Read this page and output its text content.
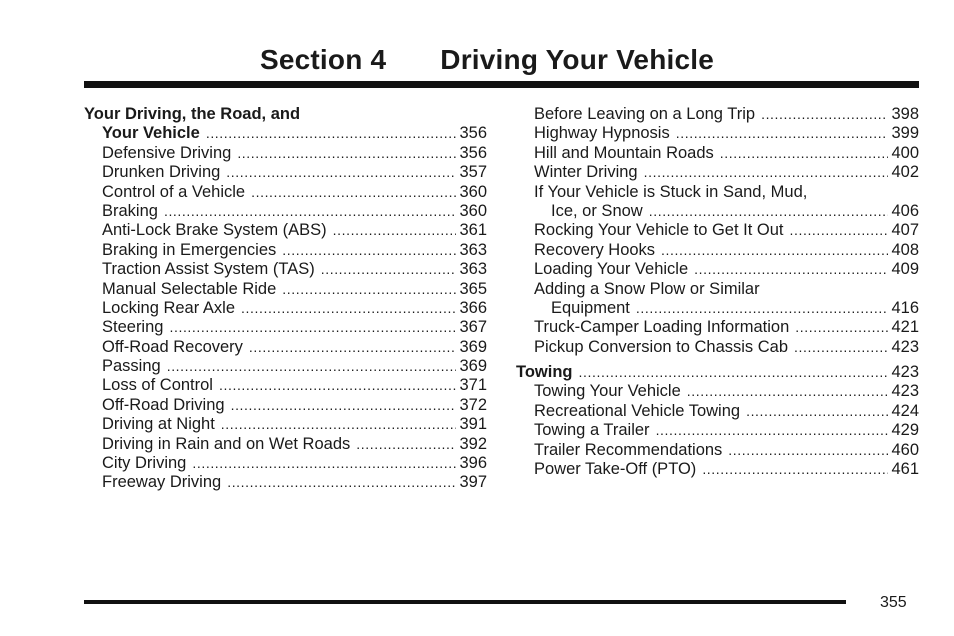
Section 4 Driving Your Vehicle
Your Driving, the Road, and
Your Vehicle .....	356
Defensive Driving .....	356
Drunken Driving .....	357
Control of a Vehicle .....	360
Braking .....	360
Anti-Lock Brake System (ABS) .....	361
Braking in Emergencies .....	363
Traction Assist System (TAS) .....	363
Manual Selectable Ride .....	365
Locking Rear Axle .....	366
Steering .....	367
Off-Road Recovery .....	369
Passing .....	369
Loss of Control .....	371
Off-Road Driving .....	372
Driving at Night .....	391
Driving in Rain and on Wet Roads .....	392
City Driving .....	396
Freeway Driving .....	397
Before Leaving on a Long Trip .....	398
Highway Hypnosis .....	399
Hill and Mountain Roads .....	400
Winter Driving .....	402
If Your Vehicle is Stuck in Sand, Mud,
Ice, or Snow .....	406
Rocking Your Vehicle to Get It Out .....	407
Recovery Hooks .....	408
Loading Your Vehicle .....	409
Adding a Snow Plow or Similar
Equipment .....	416
Truck-Camper Loading Information .....	421
Pickup Conversion to Chassis Cab .....	423
Towing .....	423
Towing Your Vehicle .....	423
Recreational Vehicle Towing .....	424
Towing a Trailer .....	429
Trailer Recommendations .....	460
Power Take-Off (PTO) .....	461
355
